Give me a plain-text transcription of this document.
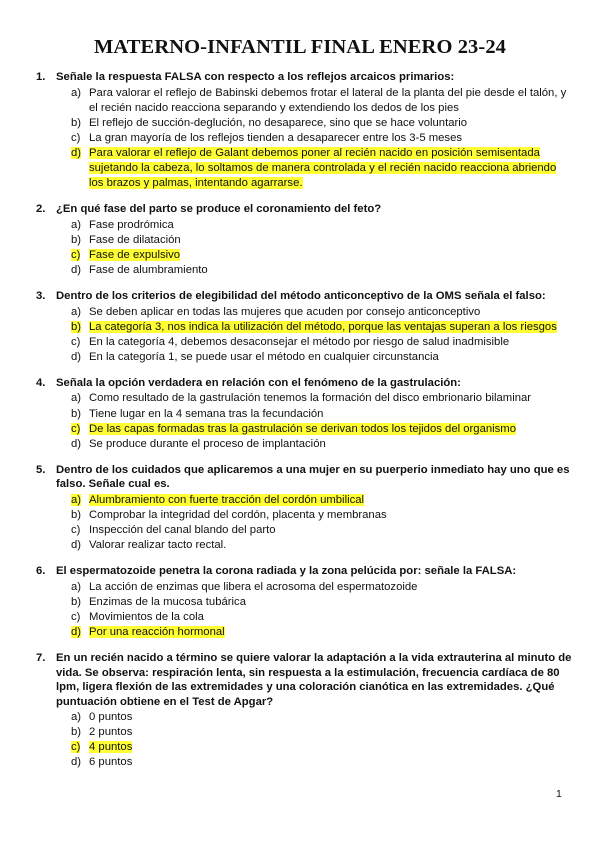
MATERNO-INFANTIL FINAL ENERO 23-24
1. Señale la respuesta FALSA con respecto a los reflejos arcaicos primarios:
a) Para valorar el reflejo de Babinski debemos frotar el lateral de la planta del pie desde el talón, y el recién nacido reacciona separando y extendiendo los dedos de los pies
b) El reflejo de succión-deglución, no desaparece, sino que se hace voluntario
c) La gran mayoría de los reflejos tienden a desaparecer entre los 3-5 meses
d) Para valorar el reflejo de Galant debemos poner al recién nacido en posición semisentada sujetando la cabeza, lo soltamos de manera controlada y el recién nacido reacciona abriendo los brazos y palmas, intentando agarrarse.
2. ¿En qué fase del parto se produce el coronamiento del feto?
a) Fase prodrómica
b) Fase de dilatación
c) Fase de expulsivo
d) Fase de alumbramiento
3. Dentro de los criterios de elegibilidad del método anticonceptivo de la OMS señala el falso:
a) Se deben aplicar en todas las mujeres que acuden por consejo anticonceptivo
b) La categoría 3, nos indica la utilización del método, porque las ventajas superan a los riesgos
c) En la categoría 4, debemos desaconsejar el método por riesgo de salud inadmisible
d) En la categoría 1, se puede usar el método en cualquier circunstancia
4. Señala la opción verdadera en relación con el fenómeno de la gastrulación:
a) Como resultado de la gastrulación tenemos la formación del disco embrionario bilaminar
b) Tiene lugar en la 4 semana tras la fecundación
c) De las capas formadas tras la gastrulación se derivan todos los tejidos del organismo
d) Se produce durante el proceso de implantación
5. Dentro de los cuidados que aplicaremos a una mujer en su puerperio inmediato hay uno que es falso. Señale cual es.
a) Alumbramiento con fuerte tracción del cordón umbilical
b) Comprobar la integridad del cordón, placenta y membranas
c) Inspección del canal blando del parto
d) Valorar realizar tacto rectal.
6. El espermatozoide penetra la corona radiada y la zona pelúcida por: señale la FALSA:
a) La acción de enzimas que libera el acrosoma del espermatozoide
b) Enzimas de la mucosa tubárica
c) Movimientos de la cola
d) Por una reacción hormonal
7. En un recién nacido a término se quiere valorar la adaptación a la vida extrauterina al minuto de vida. Se observa: respiración lenta, sin respuesta a la estimulación, frecuencia cardíaca de 80 lpm, ligera flexión de las extremidades y una coloración cianótica en las extremidades. ¿Qué puntuación obtiene en el Test de Apgar?
a) 0 puntos
b) 2 puntos
c) 4 puntos
d) 6 puntos
1
